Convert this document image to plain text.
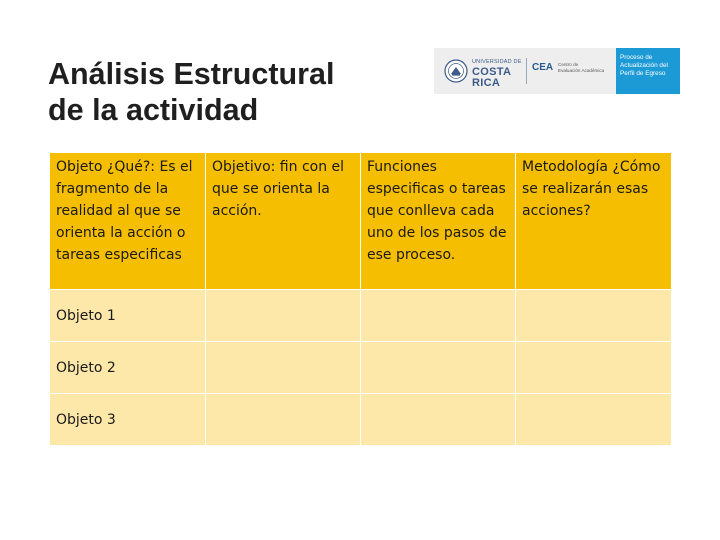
Análisis Estructural
de la actividad
UNIVERSIDAD DE
COSTA RICA
CEA Centro de
Evaluación Académica
Proceso de
Actualización del
Perfil de Egreso
Objeto ¿Qué?: Es el fragmento de la realidad al que se orienta la acción o tareas especificas	Objetivo: fin con el que se orienta la acción.	Funciones especificas o tareas que conlleva cada uno de los pasos de ese proceso.	Metodología ¿Cómo se realizarán esas acciones?
Objeto 1			
Objeto 2			
Objeto 3			
